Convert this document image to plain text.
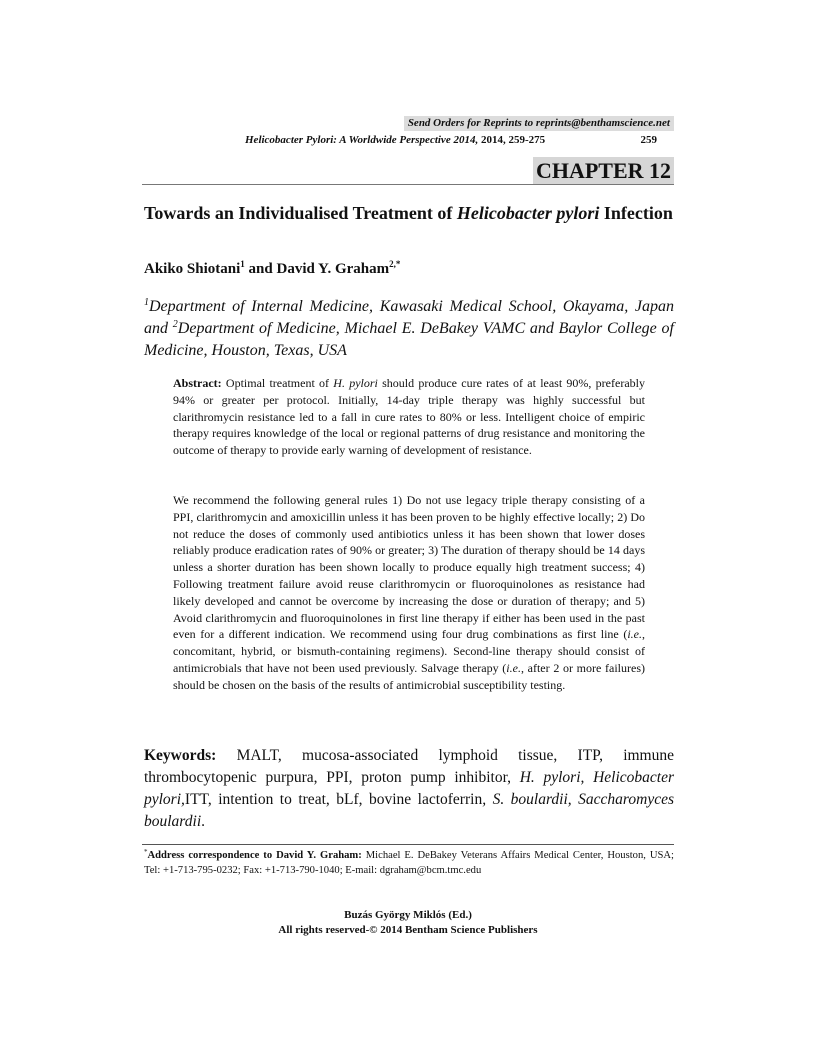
Send Orders for Reprints to reprints@benthamscience.net
Helicobacter Pylori: A Worldwide Perspective 2014, 2014, 259-275	259
CHAPTER 12
Towards an Individualised Treatment of Helicobacter pylori Infection
Akiko Shiotani$^1$ and David Y. Graham$^{2,*}$
$^1$Department of Internal Medicine, Kawasaki Medical School, Okayama, Japan and $^2$Department of Medicine, Michael E. DeBakey VAMC and Baylor College of Medicine, Houston, Texas, USA
Abstract: Optimal treatment of H. pylori should produce cure rates of at least 90%, preferably 94% or greater per protocol. Initially, 14-day triple therapy was highly successful but clarithromycin resistance led to a fall in cure rates to 80% or less. Intelligent choice of empiric therapy requires knowledge of the local or regional patterns of drug resistance and monitoring the outcome of therapy to provide early warning of development of resistance.
We recommend the following general rules 1) Do not use legacy triple therapy consisting of a PPI, clarithromycin and amoxicillin unless it has been proven to be highly effective locally; 2) Do not reduce the doses of commonly used antibiotics unless it has been shown that lower doses reliably produce eradication rates of 90% or greater; 3) The duration of therapy should be 14 days unless a shorter duration has been shown locally to produce equally high treatment success; 4) Following treatment failure avoid reuse clarithromycin or fluoroquinolones as resistance had likely developed and cannot be overcome by increasing the dose or duration of therapy; and 5) Avoid clarithromycin and fluoroquinolones in first line therapy if either has been used in the past even for a different indication. We recommend using four drug combinations as first line (i.e., concomitant, hybrid, or bismuth-containing regimens). Second-line therapy should consist of antimicrobials that have not been used previously. Salvage therapy (i.e., after 2 or more failures) should be chosen on the basis of the results of antimicrobial susceptibility testing.
Keywords: MALT, mucosa-associated lymphoid tissue, ITP, immune thrombocytopenic purpura, PPI, proton pump inhibitor, H. pylori, Helicobacter pylori,ITT, intention to treat, bLf, bovine lactoferrin, S. boulardii, Saccharomyces boulardii.
*Address correspondence to David Y. Graham: Michael E. DeBakey Veterans Affairs Medical Center, Houston, USA; Tel: +1-713-795-0232; Fax: +1-713-790-1040; E-mail: dgraham@bcm.tmc.edu
Buzás György Miklós (Ed.)
All rights reserved-© 2014 Bentham Science Publishers
